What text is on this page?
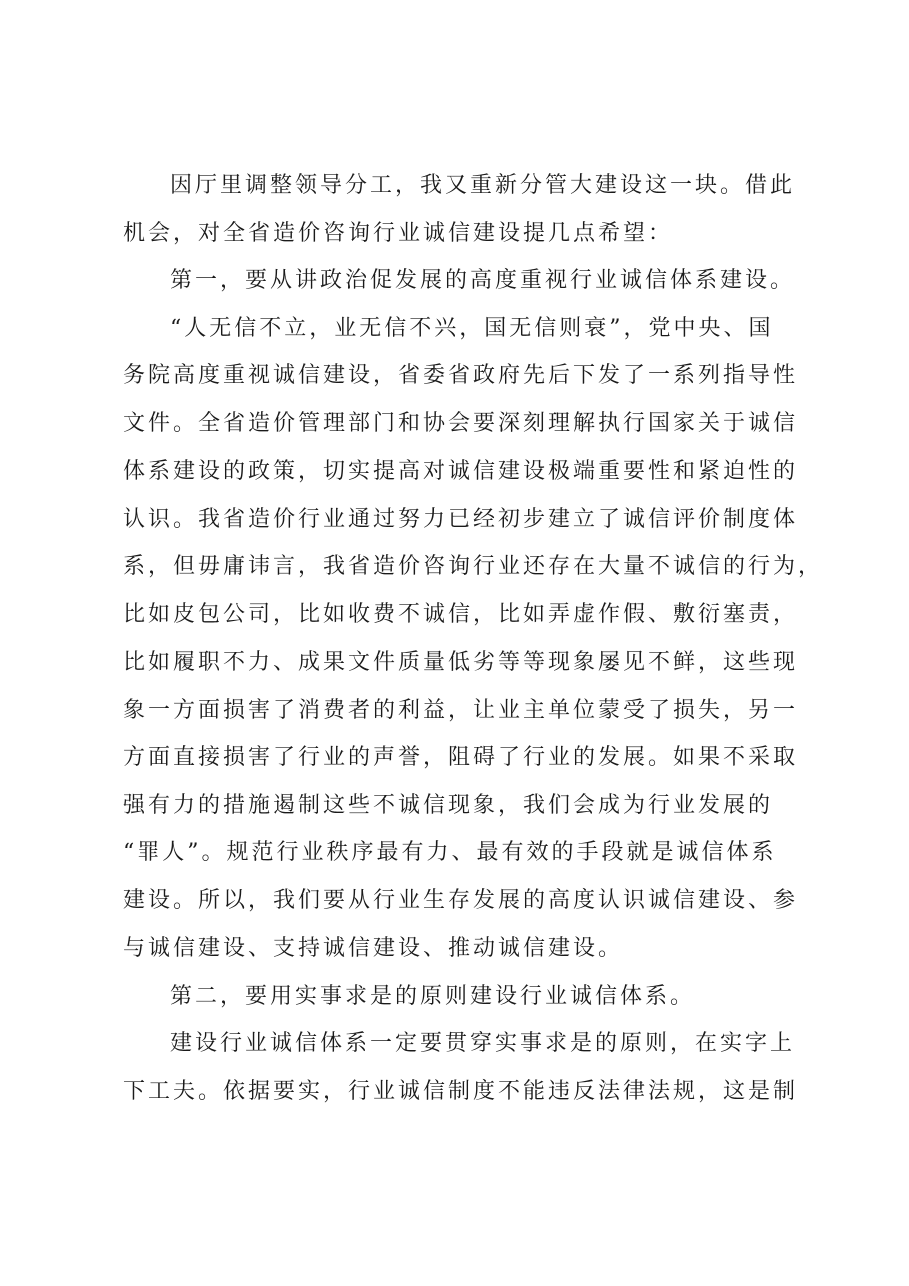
因厅里调整领导分工，我又重新分管大建设这一块。借此
机会，对全省造价咨询行业诚信建设提几点希望：
第一，要从讲政治促发展的高度重视行业诚信体系建设。
“人无信不立，业无信不兴，国无信则衰”，党中央、国
务院高度重视诚信建设，省委省政府先后下发了一系列指导性
文件。全省造价管理部门和协会要深刻理解执行国家关于诚信
体系建设的政策，切实提高对诚信建设极端重要性和紧迫性的
认识。我省造价行业通过努力已经初步建立了诚信评价制度体
系，但毋庸讳言，我省造价咨询行业还存在大量不诚信的行为，
比如皮包公司，比如收费不诚信，比如弄虚作假、敷衍塞责，
比如履职不力、成果文件质量低劣等等现象屡见不鲜，这些现
象一方面损害了消费者的利益，让业主单位蒙受了损失，另一
方面直接损害了行业的声誉，阻碍了行业的发展。如果不采取
强有力的措施遏制这些不诚信现象，我们会成为行业发展的
“罪人”。规范行业秩序最有力、最有效的手段就是诚信体系
建设。所以，我们要从行业生存发展的高度认识诚信建设、参
与诚信建设、支持诚信建设、推动诚信建设。
第二，要用实事求是的原则建设行业诚信体系。
建设行业诚信体系一定要贯穿实事求是的原则，在实字上
下工夫。依据要实，行业诚信制度不能违反法律法规，这是制
